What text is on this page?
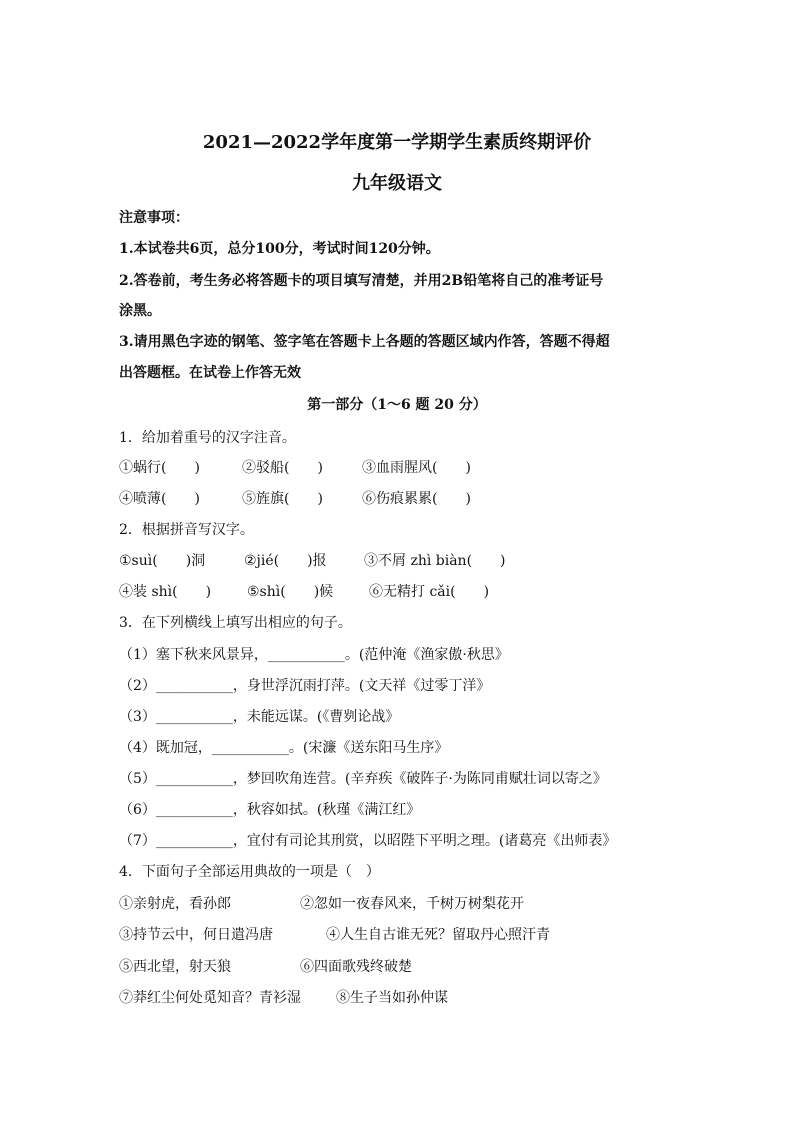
2021—2022学年度第一学期学生素质终期评价
九年级语文
注意事项：
1.本试卷共6页，总分100分，考试时间120分钟。
2.答卷前，考生务必将答题卡的项目填写清楚，并用2B铅笔将自己的准考证号
涂黑。
3.请用黑色字迹的钢笔、签字笔在答题卡上各题的答题区域内作答，答题不得超
出答题框。在试卷上作答无效
第一部分（1～6 题 20 分）
1．给加着重号的汉字注音。
①蜗行(　　)	②驳船(　　)	③血雨腥风(　　)
④喷薄(　　)	⑤旌旗(　　)	⑥伤痕累累(　　)
2．根据拼音写汉字。
①suì(　　)洞	②jié(　　)报	③不屑 zhì biàn(　　)
④装 shì(　　)	⑤shì(　　)候	⑥无精打 cǎi(　　)
3．在下列横线上填写出相应的句子。
（1）塞下秋来风景异，___________。(范仲淹《渔家傲·秋思》
（2）___________，身世浮沉雨打萍。(文天祥《过零丁洋》
（3）___________，未能远谋。(《曹刿论战》
（4）既加冠，___________。(宋濂《送东阳马生序》
（5）___________，梦回吹角连营。(辛弃疾《破阵子·为陈同甫赋壮词以寄之》
（6）___________，秋容如拭。(秋瑾《满江红》
（7）___________，宜付有司论其刑赏，以昭陛下平明之理。(诸葛亮《出师表》
4．下面句子全部运用典故的一项是（　）
①亲射虎，看孙郎	②忽如一夜春风来，千树万树梨花开
③持节云中，何日遣冯唐	④人生自古谁无死？留取丹心照汗青
⑤西北望，射天狼	⑥四面歌残终破楚
⑦莽红尘何处觅知音？青衫湿	⑧生子当如孙仲谋
